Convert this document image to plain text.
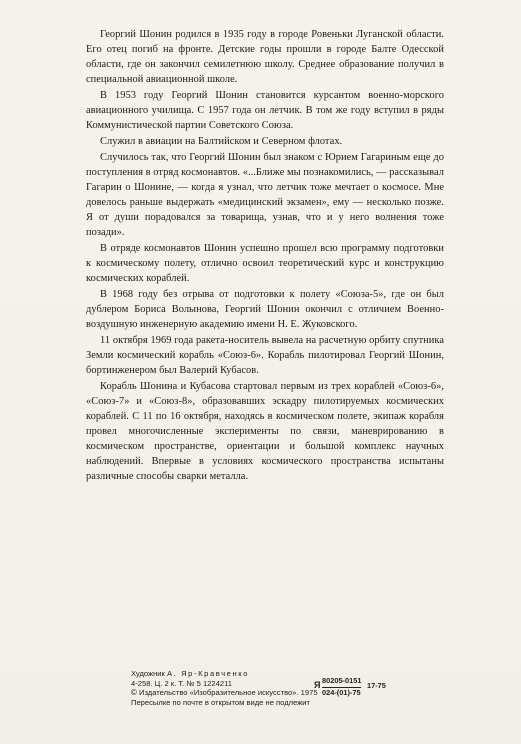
Георгий Шонин родился в 1935 году в городе Ровеньки Луганской области. Его отец погиб на фронте. Детские годы прошли в городе Балте Одесской области, где он закончил семилетнюю школу. Среднее образование получил в специальной авиационной школе.

В 1953 году Георгий Шонин становится курсантом военно-морского авиационного училища. С 1957 года он летчик. В том же году вступил в ряды Коммунистической партии Советского Союза.

Служил в авиации на Балтийском и Северном флотах.

Случилось так, что Георгий Шонин был знаком с Юрием Гагариным еще до поступления в отряд космонавтов. «...Ближе мы познакомились, — рассказывал Гагарин о Шонине, — когда я узнал, что летчик тоже мечтает о космосе. Мне довелось раньше выдержать «медицинский экзамен», ему — несколько позже. Я от души порадовался за товарища, узнав, что и у него волнения тоже позади».

В отряде космонавтов Шонин успешно прошел всю программу подготовки к космическому полету, отлично освоил теоретический курс и конструкцию космических кораблей.

В 1968 году без отрыва от подготовки к полету «Союза-5», где он был дублером Бориса Волынова, Георгий Шонин окончил с отличием Военно-воздушную инженерную академию имени Н. Е. Жуковского.

11 октября 1969 года ракета-носитель вывела на расчетную орбиту спутника Земли космический корабль «Союз-6». Корабль пилотировал Георгий Шонин, бортинженером был Валерий Кубасов.

Корабль Шонина и Кубасова стартовал первым из трех кораблей «Союз-6», «Союз-7» и «Союз-8», образовавших эскадру пилотируемых космических кораблей. С 11 по 16 октября, находясь в космическом полете, экипаж корабля провел многочисленные эксперименты по связи, маневрированию в космическом пространстве, ориентации и большой комплекс научных наблюдений. Впервые в условиях космического пространства испытаны различные способы сварки металла.

Художник А. Яр-Кравченко
4-258. Ц. 2 к. Т. № 5 1224211
© Издательство «Изобразительное искусство». 1975
Пересылке по почте в открытом виде не подлежит
Я 80205-0151
024-(01)-75
17-75
